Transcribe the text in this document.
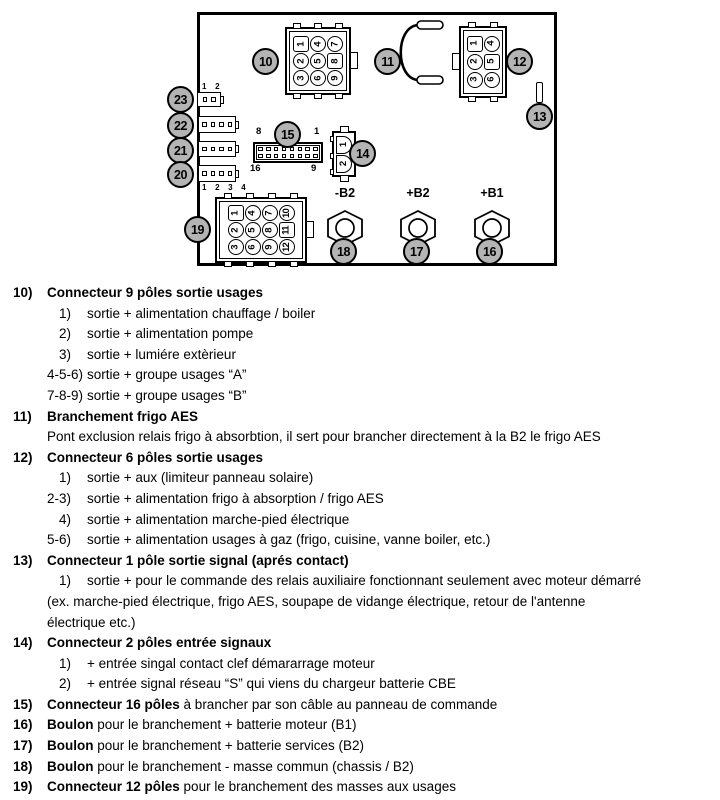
1
2
3
4
5
6
7
8
9
1
2
3
4
5
6
8	1
16	9
1
2
1 2
1 2 3 4
1
2
3
4
5
6
7
8
9
10
11
12
-B2	+B2	+B1
10	11	12
13
15
14
23
22
21
20
19
18	17	16
10)	Connecteur 9 pôles sortie usages
1)	sortie + alimentation chauffage / boiler
2)	sortie + alimentation pompe
3)	sortie + lumiére extèrieur
4-5-6) sortie + groupe usages “A”
7-8-9) sortie + groupe usages “B”
11)	Branchement frigo AES
Pont exclusion relais frigo à absorbtion, il sert pour brancher directement à la B2 le frigo AES
12)	Connecteur 6 pôles sortie usages
1)	sortie + aux (limiteur panneau solaire)
2-3)	sortie + alimentation frigo à absorption / frigo AES
4)	sortie + alimentation marche-pied électrique
5-6)	sortie + alimentation usages à gaz (frigo, cuisine, vanne boiler, etc.)
13)	Connecteur 1 pôle sortie signal (aprés contact)
1)	sortie + pour le commande des relais auxiliaire fonctionnant seulement avec moteur démarré
(ex. marche-pied électrique, frigo AES, soupape de vidange électrique, retour de l'antenne
électrique etc.)
14)	Connecteur 2 pôles entrée signaux
1)	+ entrée singal contact clef démararrage moteur
2)	+ entrée signal réseau “S” qui viens du chargeur batterie CBE
15)	Connecteur 16 pôles à brancher par son câble au panneau de commande
16)	Boulon pour le branchement + batterie moteur (B1)
17)	Boulon pour le branchement + batterie services (B2)
18)	Boulon pour le branchement - masse commun (chassis / B2)
19)	Connecteur 12 pôles pour le branchement des masses aux usages
